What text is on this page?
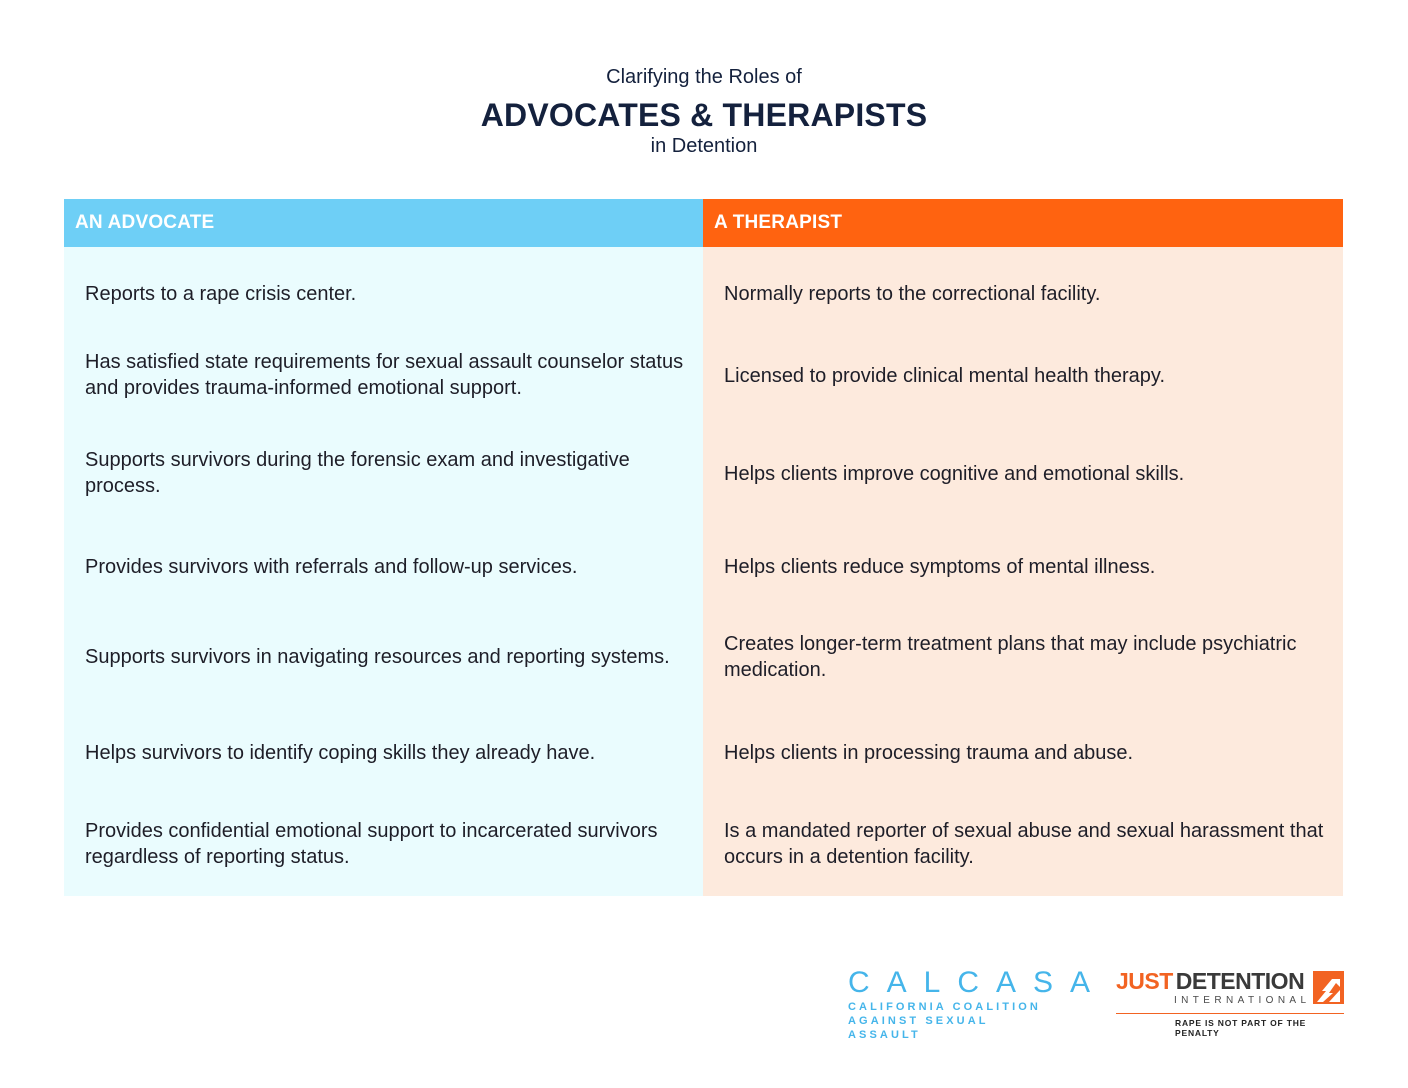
Clarifying the Roles of
ADVOCATES & THERAPISTS
in Detention
AN ADVOCATE
Reports to a rape crisis center.
Has satisfied state requirements for sexual assault counselor status and provides trauma-informed emotional support.
Supports survivors during the forensic exam and investigative process.
Provides survivors with referrals and follow-up services.
Supports survivors in navigating resources and reporting systems.
Helps survivors to identify coping skills they already have.
Provides confidential emotional support to incarcerated survivors regardless of reporting status.
A THERAPIST
Normally reports to the correctional facility.
Licensed to provide clinical mental health therapy.
Helps clients improve cognitive and emotional skills.
Helps clients reduce symptoms of mental illness.
Creates longer-term treatment plans that may include psychiatric medication.
Helps clients in processing trauma and abuse.
Is a mandated reporter of sexual abuse and sexual harassment that occurs in a detention facility.
CALCASA
CALIFORNIA COALITION
AGAINST SEXUAL ASSAULT
JUST DETENTION
INTERNATIONAL
RAPE IS NOT PART OF THE PENALTY
